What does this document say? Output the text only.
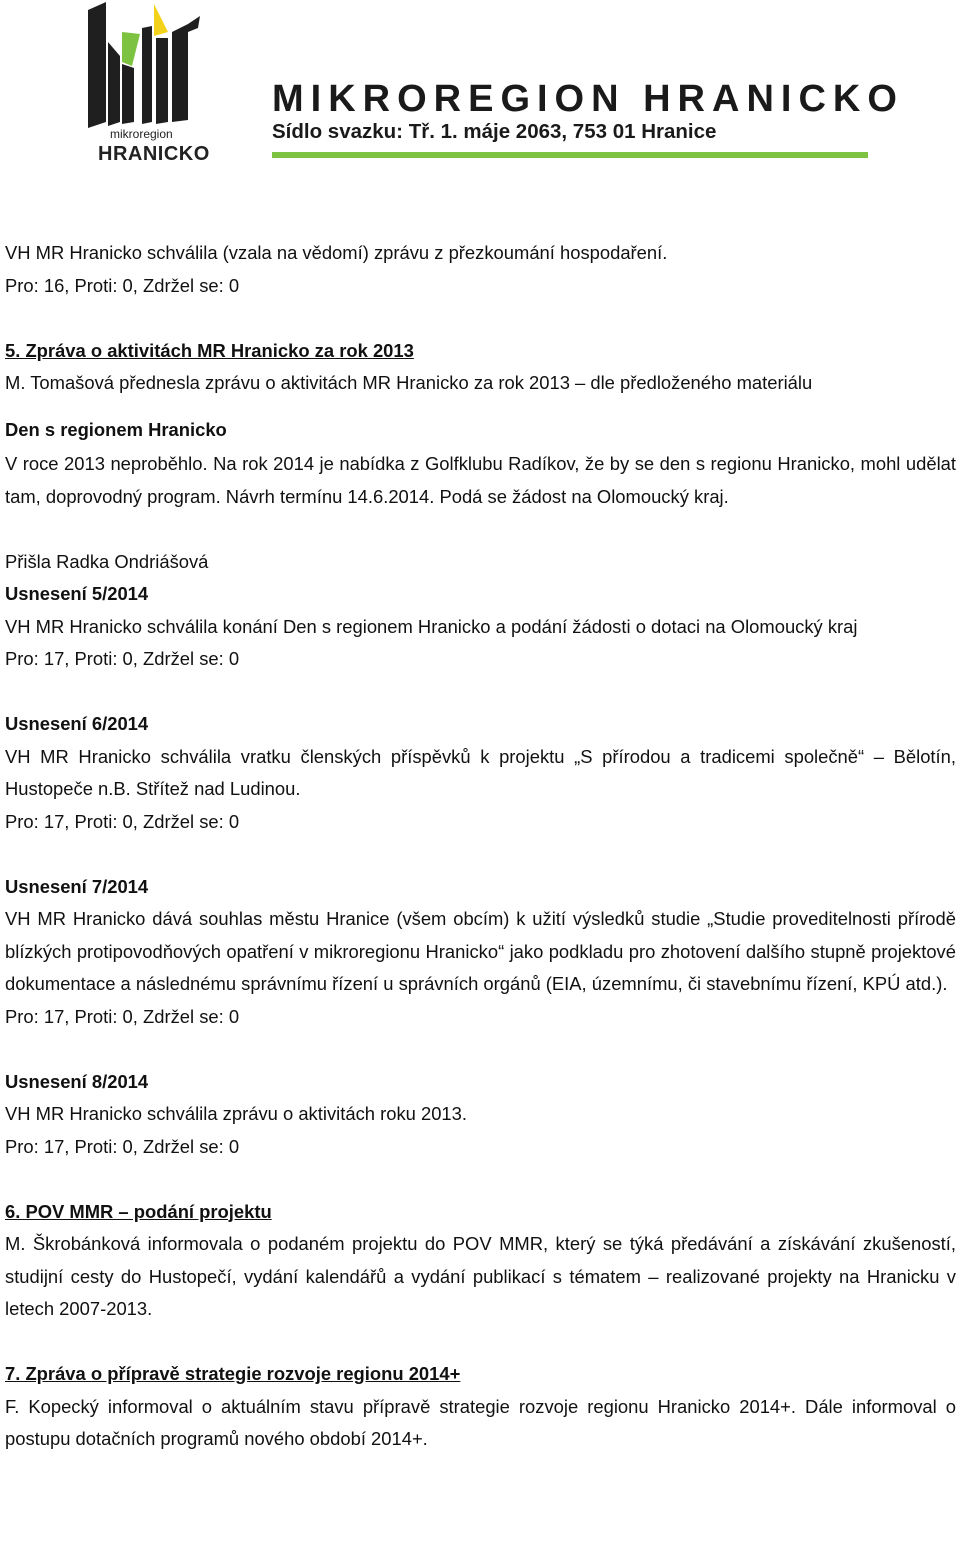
mikroregion
HRANICKO
MIKROREGION HRANICKO
Sídlo svazku: Tř. 1. máje 2063, 753 01 Hranice

VH MR Hranicko schválila (vzala na vědomí) zprávu z přezkoumání hospodaření.

Pro: 16, Proti: 0, Zdržel se: 0

5. Zpráva o aktivitách MR Hranicko za rok 2013

M. Tomašová přednesla zprávu o aktivitách MR Hranicko za rok 2013 – dle předloženého materiálu

Den s regionem Hranicko

V roce 2013 neproběhlo. Na rok 2014 je nabídka z Golfklubu Radíkov, že by se den s regionu Hranicko, mohl udělat tam, doprovodný program. Návrh termínu 14.6.2014. Podá se žádost na Olomoucký kraj.

Přišla Radka Ondriášová

Usnesení 5/2014

VH MR Hranicko schválila konání Den s regionem Hranicko a podání žádosti o dotaci na Olomoucký kraj

Pro: 17, Proti: 0, Zdržel se: 0

Usnesení 6/2014

VH MR Hranicko schválila vratku členských příspěvků k projektu „S přírodou a tradicemi společně“ – Bělotín, Hustopeče n.B. Střítež nad Ludinou.

Pro: 17, Proti: 0, Zdržel se: 0

Usnesení 7/2014

VH MR Hranicko dává souhlas městu Hranice (všem obcím) k užití výsledků studie „Studie proveditelnosti přírodě blízkých protipovodňových opatření v mikroregionu Hranicko“ jako podkladu pro zhotovení dalšího stupně projektové dokumentace a následnému správnímu řízení u správních orgánů (EIA, územnímu, či stavebnímu řízení, KPÚ atd.).

Pro: 17, Proti: 0, Zdržel se: 0

Usnesení 8/2014

VH MR Hranicko schválila zprávu o aktivitách roku 2013.

Pro: 17, Proti: 0, Zdržel se: 0

6. POV MMR – podání projektu

M. Škrobánková informovala o podaném projektu do POV MMR, který se týká předávání a získávání zkušeností, studijní cesty do Hustopečí, vydání kalendářů a vydání publikací s tématem – realizované projekty na Hranicku v letech 2007-2013.

7. Zpráva o přípravě strategie rozvoje regionu 2014+

F. Kopecký informoval o aktuálním stavu přípravě strategie rozvoje regionu Hranicko 2014+. Dále informoval o postupu dotačních programů nového období 2014+.
